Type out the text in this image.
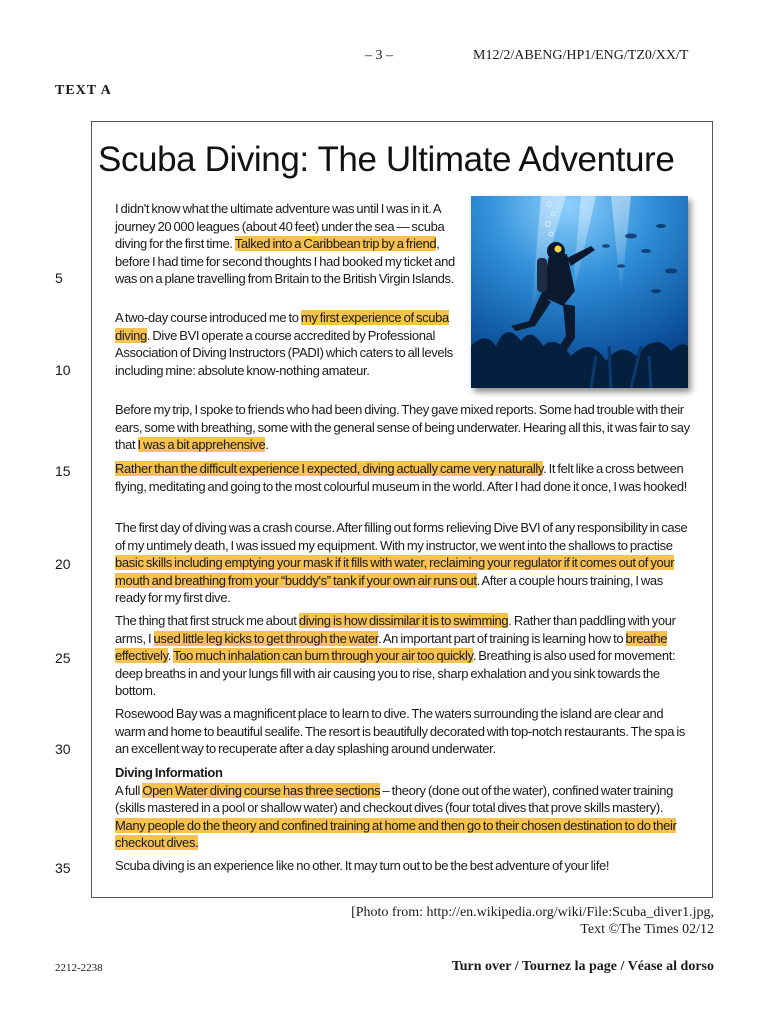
– 3 –	M12/2/ABENG/HP1/ENG/TZ0/XX/T
TEXT A
Scuba Diving: The Ultimate Adventure

I didn't know what the ultimate adventure was until I was in it. A journey 20 000 leagues (about 40 feet) under the sea — scuba diving for the first time. Talked into a Caribbean trip by a friend, before I had time for second thoughts I had booked my ticket and was on a plane travelling from Britain to the British Virgin Islands.

A two-day course introduced me to my first experience of scuba diving. Dive BVI operate a course accredited by Professional Association of Diving Instructors (PADI) which caters to all levels including mine: absolute know-nothing amateur.

Before my trip, I spoke to friends who had been diving. They gave mixed reports. Some had trouble with their ears, some with breathing, some with the general sense of being underwater. Hearing all this, it was fair to say that I was a bit apprehensive.

Rather than the difficult experience I expected, diving actually came very naturally. It felt like a cross between flying, meditating and going to the most colourful museum in the world. After I had done it once, I was hooked!

The first day of diving was a crash course. After filling out forms relieving Dive BVI of any responsibility in case of my untimely death, I was issued my equipment. With my instructor, we went into the shallows to practise basic skills including emptying your mask if it fills with water, reclaiming your regulator if it comes out of your mouth and breathing from your “buddy's” tank if your own air runs out. After a couple hours training, I was ready for my first dive.

The thing that first struck me about diving is how dissimilar it is to swimming. Rather than paddling with your arms, I used little leg kicks to get through the water. An important part of training is learning how to breathe effectively. Too much inhalation can burn through your air too quickly. Breathing is also used for movement: deep breaths in and your lungs fill with air causing you to rise, sharp exhalation and you sink towards the bottom.

Rosewood Bay was a magnificent place to learn to dive. The waters surrounding the island are clear and warm and home to beautiful sealife. The resort is beautifully decorated with top-notch restaurants. The spa is an excellent way to recuperate after a day splashing around underwater.

Diving Information
A full Open Water diving course has three sections – theory (done out of the water), confined water training (skills mastered in a pool or shallow water) and checkout dives (four total dives that prove skills mastery). Many people do the theory and confined training at home and then go to their chosen destination to do their checkout dives.

Scuba diving is an experience like no other. It may turn out to be the best adventure of your life!

5
10
15
20
25
30
35
[Photo from: http://en.wikipedia.org/wiki/File:Scuba_diver1.jpg,
Text ©The Times 02/12
2212-2238	Turn over / Tournez la page / Véase al dorso
